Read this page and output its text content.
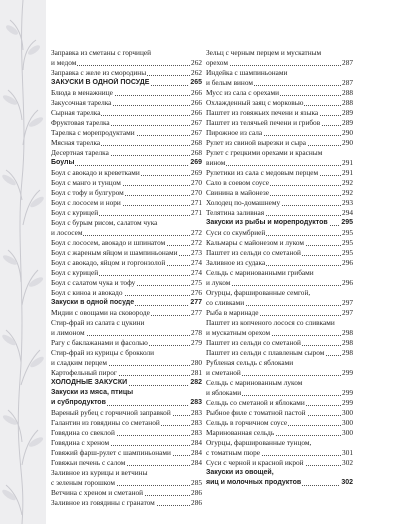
Заправка из сметаны с горчицей
и медом	262
Заправка с желе из смородины	262
ЗАКУСКИ В ОДНОЙ ПОСУДЕ	265
Блюда в менажнице	266
Закусочная тарелка	266
Сырная тарелка	266
Фруктовая тарелка	267
Тарелка с морепродуктами	267
Мясная тарелка	268
Десертная тарелка	268
Боулы	269
Боул с авокадо и креветками	269
Боул с манго и тунцом	270
Боул с тофу и булгуром	270
Боул с лососем и нори	271
Боул с курицей	271
Боул с бурым рисом, салатом чука
и лососем	272
Боул с лососем, авокадо и шпинатом	272
Боул с жареным яйцом и шампиньонами 273
Боул с авокадо, яйцом и горгонзолой	274
Боул с курицей	274
Боул с салатом чука и тофу	275
Боул с киноа и авокадо	276
Закуски в одной посуде	277
Мидии с овощами на сковороде	277
Стир-фрай из салата с цукини
и лимоном	278
Рагу с баклажанами и фасолью	279
Стир-фрай из курицы с брокколи
и сладким перцем	280
Картофельный пирог	281
ХОЛОДНЫЕ ЗАКУСКИ	282
Закуски из мяса, птицы
и субпродуктов	283
Вареный рубец с горчичной заправкой	283
Галантин из говядины со сметаной	283
Говядина со свеклой	283
Говядина с хреном	284
Говяжий фарш-рулет с шампиньонами	284
Говяжьи печень с салом	284
Заливное из курицы и ветчины
с зеленым горошком	285
Ветчина с хреном и сметаной	286
Заливное из говядины с гранатом	286
Зельц с черным перцем и мускатным
орехом	287
Индейка с шампиньонами
и белым вином	287
Мусс из сала с орехами	288
Охлажденный заяц с морковью	288
Паштет из говяжьих печени и языка	289
Паштет из телячьей печени и грибов	289
Пирожное из сала	290
Рулет из свиной вырезки и сыра	290
Рулет с грецкими орехами и красным
вином	291
Рулетики из сала с медовым перцем	291
Сало в соевом соусе	292
Свинина в майонезе	292
Холодец по-домашнему	293
Телятина заливная	294
Закуски из рыбы и морепродуктов 295
Суси со скумбрией	295
Кальмары с майонезом и луком	295
Паштет из сельди со сметаной	295
Заливное из судака	296
Сельдь с маринованными грибами
и луком	296
Огурцы, фаршированные семгой,
со сливками	297
Рыба в маринаде	297
Паштет из копченого лосося со сливками
и мускатным орехом	298
Паштет из сельди со сметаной	298
Паштет из сельди с плавленым сыром 298
Рубленая сельдь с яблоками
и сметаной	299
Сельдь с маринованным луком
и яблоками	299
Сельдь со сметаной и яблоками	299
Рыбное филе с томатной пастой	300
Сельдь в горчичном соусе	300
Маринованная сельдь	300
Огурцы, фаршированные тунцом,
с томатным пюре	301
Суси с черной и красной икрой	302
Закуски из овощей,
яиц и молочных продуктов	302
